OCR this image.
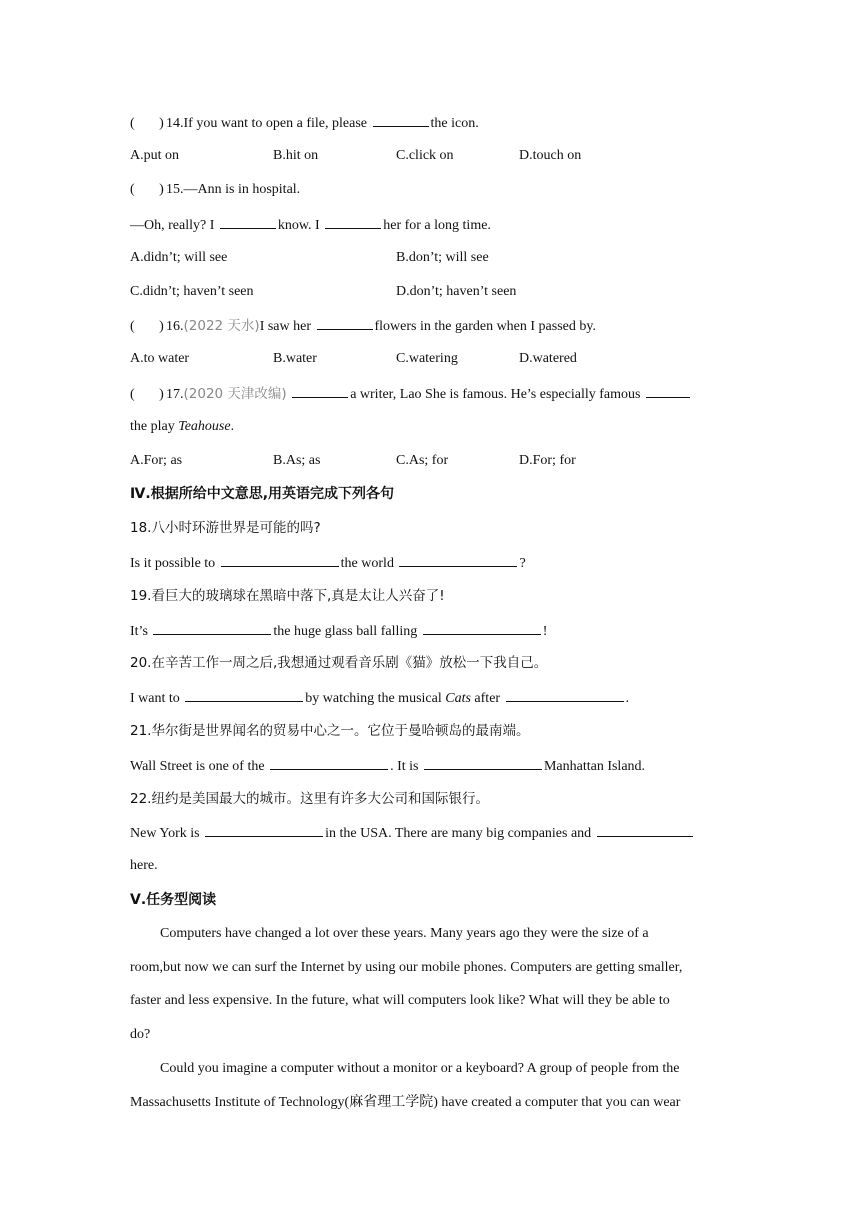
( ) 14.If you want to open a file, please	the icon.
A.put on	B.hit on	C.click on	D.touch on
(       ) 15.—Ann is in hospital.
—Oh, really? I	know. I	her for a long time.
A.didn’t; will see	B.don’t; will see
C.didn’t; haven’t seen	D.don’t; haven’t seen
(       ) 16.(2022 天水)I saw her	flowers in the garden when I passed by.
A.to water	B.water	C.watering	D.watered
(       ) 17.(2020 天津改编)	a writer, Lao She is famous. He’s especially famous
the play Teahouse.
A.For; as	B.As; as	C.As; for	D.For; for
Ⅳ.根据所给中文意思,用英语完成下列各句
18.八小时环游世界是可能的吗?
Is it possible to	the world	?
19.看巨大的玻璃球在黑暗中落下,真是太让人兴奋了!
It’s	the huge glass ball falling	!
20.在辛苦工作一周之后,我想通过观看音乐剧《猫》放松一下我自己。
I want to	by watching the musical Cats after	.
21.华尔街是世界闻名的贸易中心之一。它位于曼哈顿岛的最南端。
Wall Street is one of the	. It is	Manhattan Island.
22.纽约是美国最大的城市。这里有许多大公司和国际银行。
New York is	in the USA. There are many big companies and
here.
Ⅴ.任务型阅读
Computers have changed a lot over these years. Many years ago they were the size of a
room,but now we can surf the Internet by using our mobile phones. Computers are getting smaller,
faster and less expensive. In the future, what will computers look like? What will they be able to
do?
Could you imagine a computer without a monitor or a keyboard? A group of people from the
Massachusetts Institute of Technology(麻省理工学院) have created a computer that you can wear
